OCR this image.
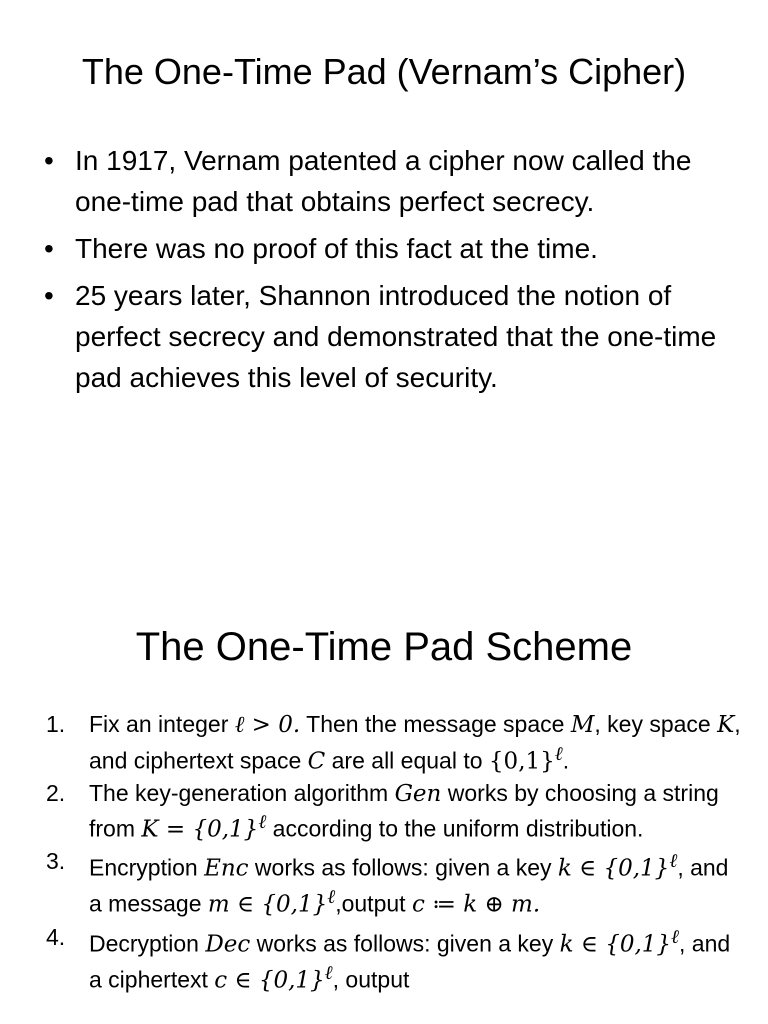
The One-Time Pad (Vernam’s Cipher)
• In 1917, Vernam patented a cipher now called the one-time pad that obtains perfect secrecy.
• There was no proof of this fact at the time.
• 25 years later, Shannon introduced the notion of perfect secrecy and demonstrated that the one-time pad achieves this level of security.
The One-Time Pad Scheme
1. Fix an integer ℓ > 0. Then the message space M, key space K, and ciphertext space C are all equal to $\{0,1\}^\ell$.
2. The key-generation algorithm Gen works by choosing a string from $K = \{0,1\}^\ell$ according to the uniform distribution.
3. Encryption Enc works as follows: given a key k ∈ $\{0,1\}^\ell$, and a message m ∈ $\{0,1\}^\ell,output$ c ≔ k ⊕ m.
4. Decryption Dec works as follows: given a key k ∈ $\{0,1\}^\ell$, and a ciphertext c ∈ $\{0,1\}^\ell$, output
